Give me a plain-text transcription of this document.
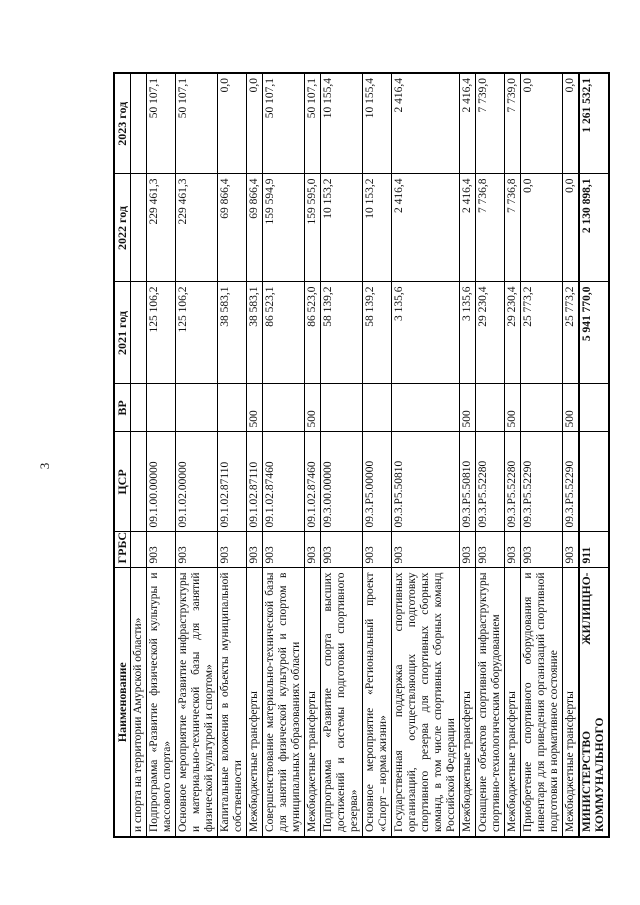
3
Наименование	ГРБС	ЦСР	ВР	2021 год	2022 год	2023 год
и спорта на территории Амурской области»						
Подпрограмма «Развитие физической культуры и массового спорта»	903	09.1.00.00000		125 106,2	229 461,3	50 107,1
Основное мероприятие «Развитие инфраструктуры и материально-технической базы для занятий физической культурой и спортом»	903	09.1.02.00000		125 106,2	229 461,3	50 107,1
Капитальные вложения в объекты муниципальной собственности	903	09.1.02.87110		38 583,1	69 866,4	0,0
Межбюджетные трансферты	903	09.1.02.87110	500	38 583,1	69 866,4	0,0
Совершенствование материально-технической базы для занятий физической культурой и спортом в муниципальных образованиях области	903	09.1.02.87460		86 523,1	159 594,9	50 107,1
Межбюджетные трансферты	903	09.1.02.87460	500	86 523,0	159 595,0	50 107,1
Подпрограмма «Развитие спорта высших достижений и системы подготовки спортивного резерва»	903	09.3.00.00000		58 139,2	10 153,2	10 155,4
Основное мероприятие «Региональный проект «Спорт – норма жизни»	903	09.3.P5.00000		58 139,2	10 153,2	10 155,4
Государственная поддержка спортивных организаций, осуществляющих подготовку спортивного резерва для спортивных сборных команд, в том числе спортивных сборных команд Российской Федерации	903	09.3.P5.50810		3 135,6	2 416,4	2 416,4
Межбюджетные трансферты	903	09.3.P5.50810	500	3 135,6	2 416,4	2 416,4
Оснащение объектов спортивной инфраструктуры спортивно-технологическим оборудованием	903	09.3.P5.52280		29 230,4	7 736,8	7 739,0
Межбюджетные трансферты	903	09.3.P5.52280	500	29 230,4	7 736,8	7 739,0
Приобретение спортивного оборудования и инвентаря для приведения организаций спортивной подготовки в нормативное состояние	903	09.3.P5.52290		25 773,2	0,0	0,0
Межбюджетные трансферты	903	09.3.P5.52290	500	25 773,2	0,0	0,0
МИНИСТЕРСТВО ЖИЛИЩНО-КОММУНАЛЬНОГО	911			5 941 770,0	2 130 898,1	1 261 532,1
